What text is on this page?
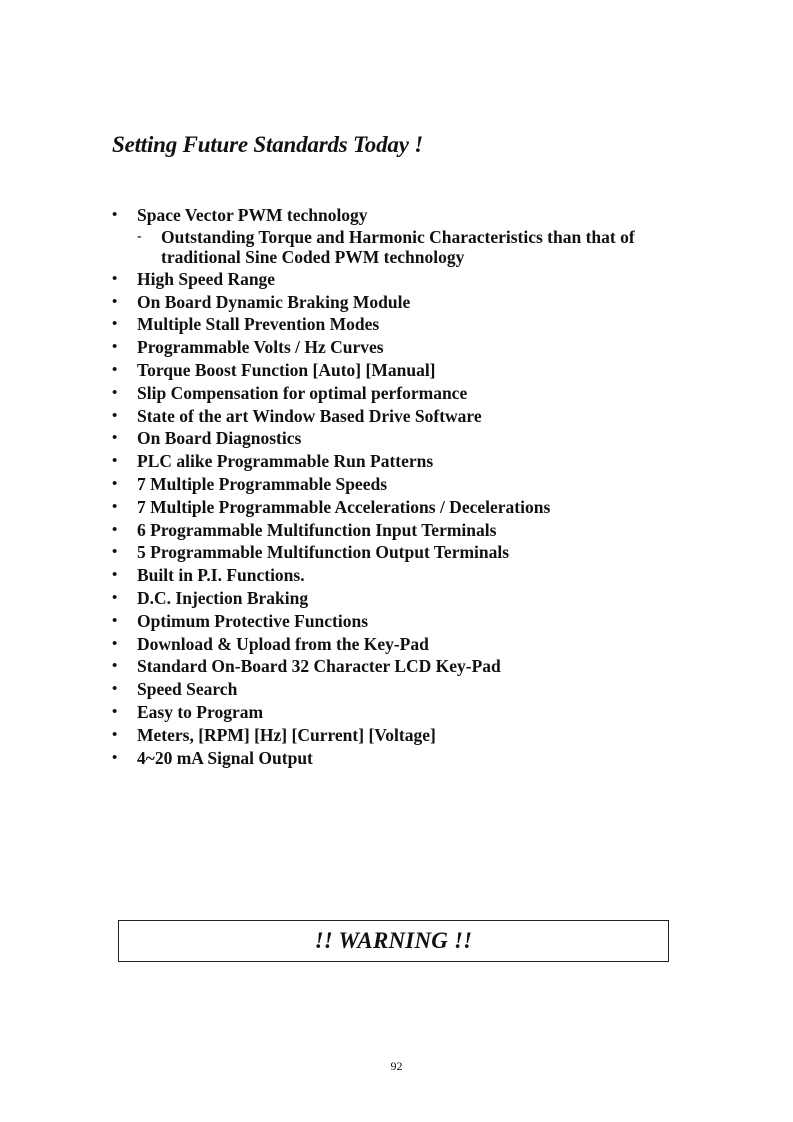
Setting Future Standards Today !
• Space Vector PWM technology
- Outstanding Torque and Harmonic Characteristics than that of traditional Sine Coded PWM technology
• High Speed Range
• On Board Dynamic Braking Module
• Multiple Stall Prevention Modes
• Programmable Volts / Hz Curves
• Torque Boost Function [Auto] [Manual]
• Slip Compensation for optimal performance
• State of the art Window Based Drive Software
• On Board Diagnostics
• PLC alike Programmable Run Patterns
• 7 Multiple Programmable Speeds
• 7 Multiple Programmable Accelerations / Decelerations
• 6 Programmable Multifunction Input Terminals
• 5 Programmable Multifunction Output Terminals
• Built in P.I. Functions.
• D.C. Injection Braking
• Optimum Protective Functions
• Download & Upload from the Key-Pad
• Standard On-Board 32 Character LCD Key-Pad
• Speed Search
• Easy to Program
• Meters, [RPM] [Hz] [Current] [Voltage]
• 4~20 mA Signal Output
!! WARNING !!
92
